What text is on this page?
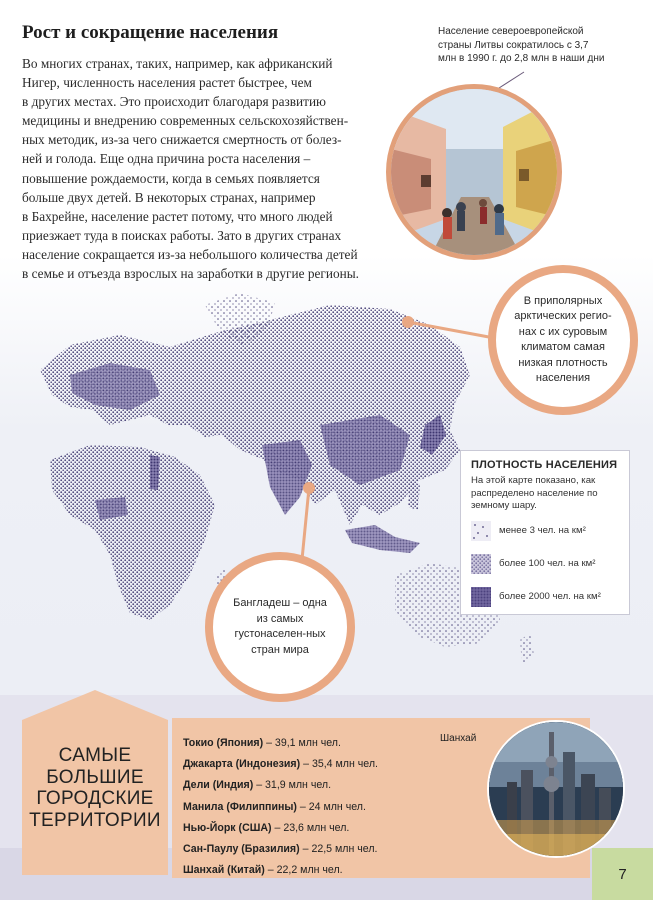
Рост и сокращение населения
Во многих странах, таких, например, как африканский
Нигер, численность населения растет быстрее, чем
в других местах. Это происходит благодаря развитию
медицины и внедрению современных сельскохозяйствен-
ных методик, из-за чего снижается смертность от болез-
ней и голода. Еще одна причина роста населения –
повышение рождаемости, когда в семьях появляется
больше двух детей. В некоторых странах, например
в Бахрейне, население растет потому, что много людей
приезжает туда в поисках работы. Зато в других странах
население сокращается из-за небольшого количества детей
в семье и отъезда взрослых на заработки в другие регионы.

Население североевропейской страны Литвы сократилось с 3,7 млн в 1990 г. до 2,8 млн в наши дни

В приполярных арктических регио-нах с их суровым климатом самая низкая плотность населения

Бангладеш – одна из самых густонаселен-ных стран мира

ПЛОТНОСТЬ НАСЕЛЕНИЯ

На этой карте показано, как распределено население по земному шару.

менее 3 чел. на км²
более 100 чел. на км²
более 2000 чел. на км²
САМЫЕ
БОЛЬШИЕ
ГОРОДСКИЕ
ТЕРРИТОРИИ
Токио (Япония) – 39,1 млн чел.
Джакарта (Индонезия) – 35,4 млн чел.
Дели (Индия) – 31,9 млн чел.
Манила (Филиппины) – 24 млн чел.
Нью-Йорк (США) – 23,6 млн чел.
Сан-Паулу (Бразилия) – 22,5 млн чел.
Шанхай (Китай) – 22,2 млн чел.
Шанхай
7
